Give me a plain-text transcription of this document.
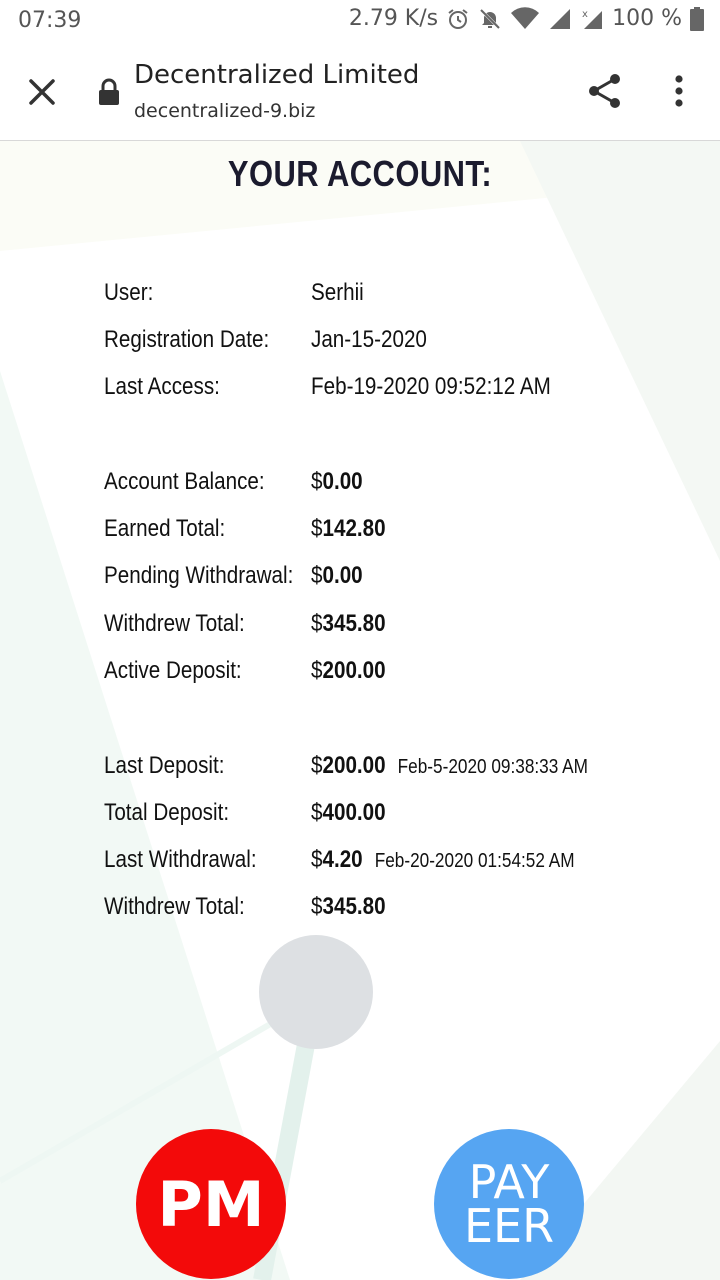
07:39	2.79 K/s	x 100 %
Decentralized Limited
decentralized-9.biz
YOUR ACCOUNT:
User:	Serhii
Registration Date: Jan-15-2020
Last Access:	Feb-19-2020 09:52:12 AM
Account Balance: $0.00
Earned Total:	$142.80
Pending Withdrawal: $0.00
Withdrew Total:	$345.80
Active Deposit:	$200.00
Last Deposit:	$200.00 Feb-5-2020 09:38:33 AM
Total Deposit:	$400.00
Last Withdrawal: $4.20 Feb-20-2020 01:54:52 AM
Withdrew Total:	$345.80
PM	PAY
EER
